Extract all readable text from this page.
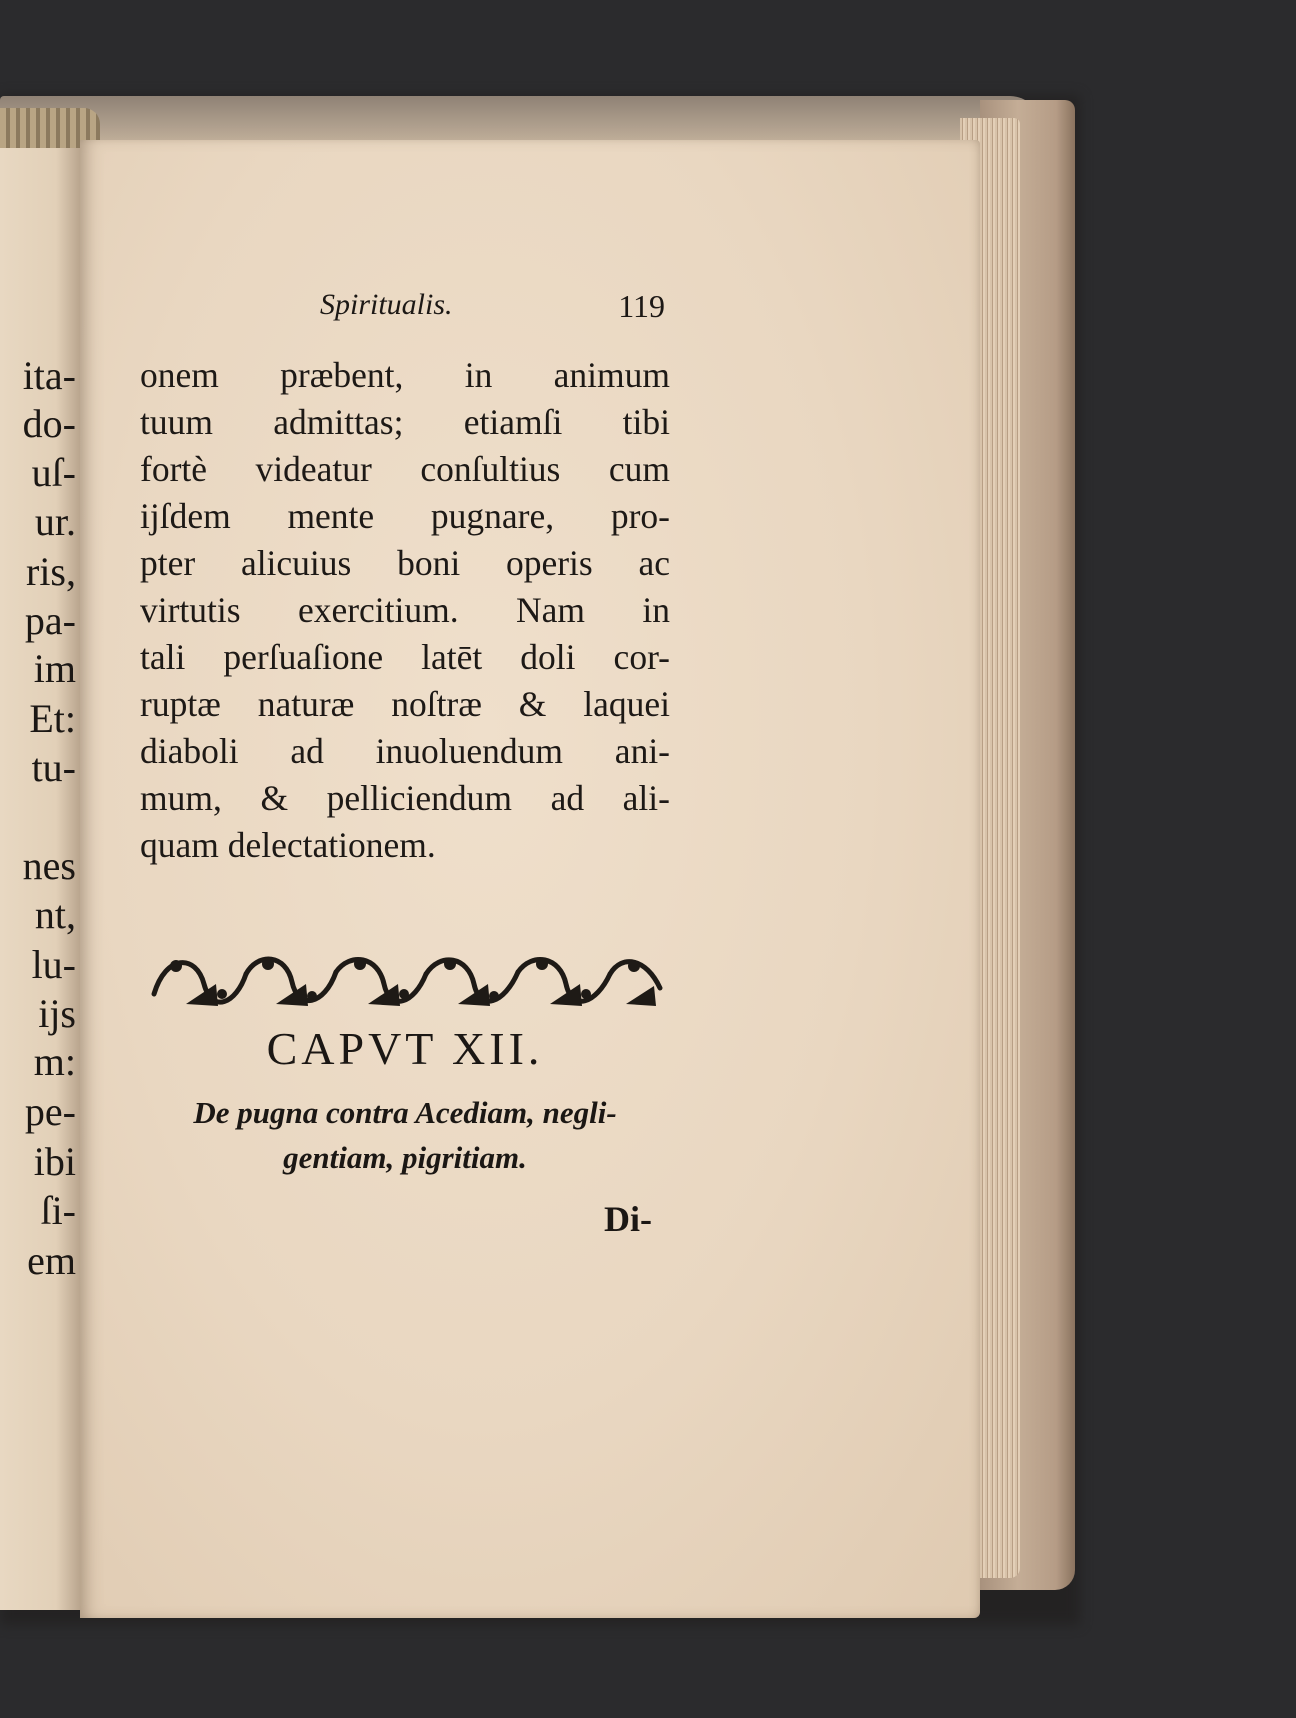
ita-
do-
uſ-
ur.
ris,
pa-
im
Et:
tu-
nes
nt,
lu-
ijs
m:
pe-
ibi
ſi-
em
Spiritualis.	119
onem præbent, in animum
tuum admittas; etiamſi tibi
fortè videatur conſultius cum
ijſdem mente pugnare, pro-
pter alicuius boni operis ac
virtutis exercitium. Nam in
tali perſuaſione latēt doli cor-
ruptæ naturæ noſtræ & laquei
diaboli ad inuoluendum ani-
mum, & pelliciendum ad ali-
quam delectationem.
CAPVT XII.
De pugna contra Acediam, negli-
gentiam, pigritiam.
Di-
